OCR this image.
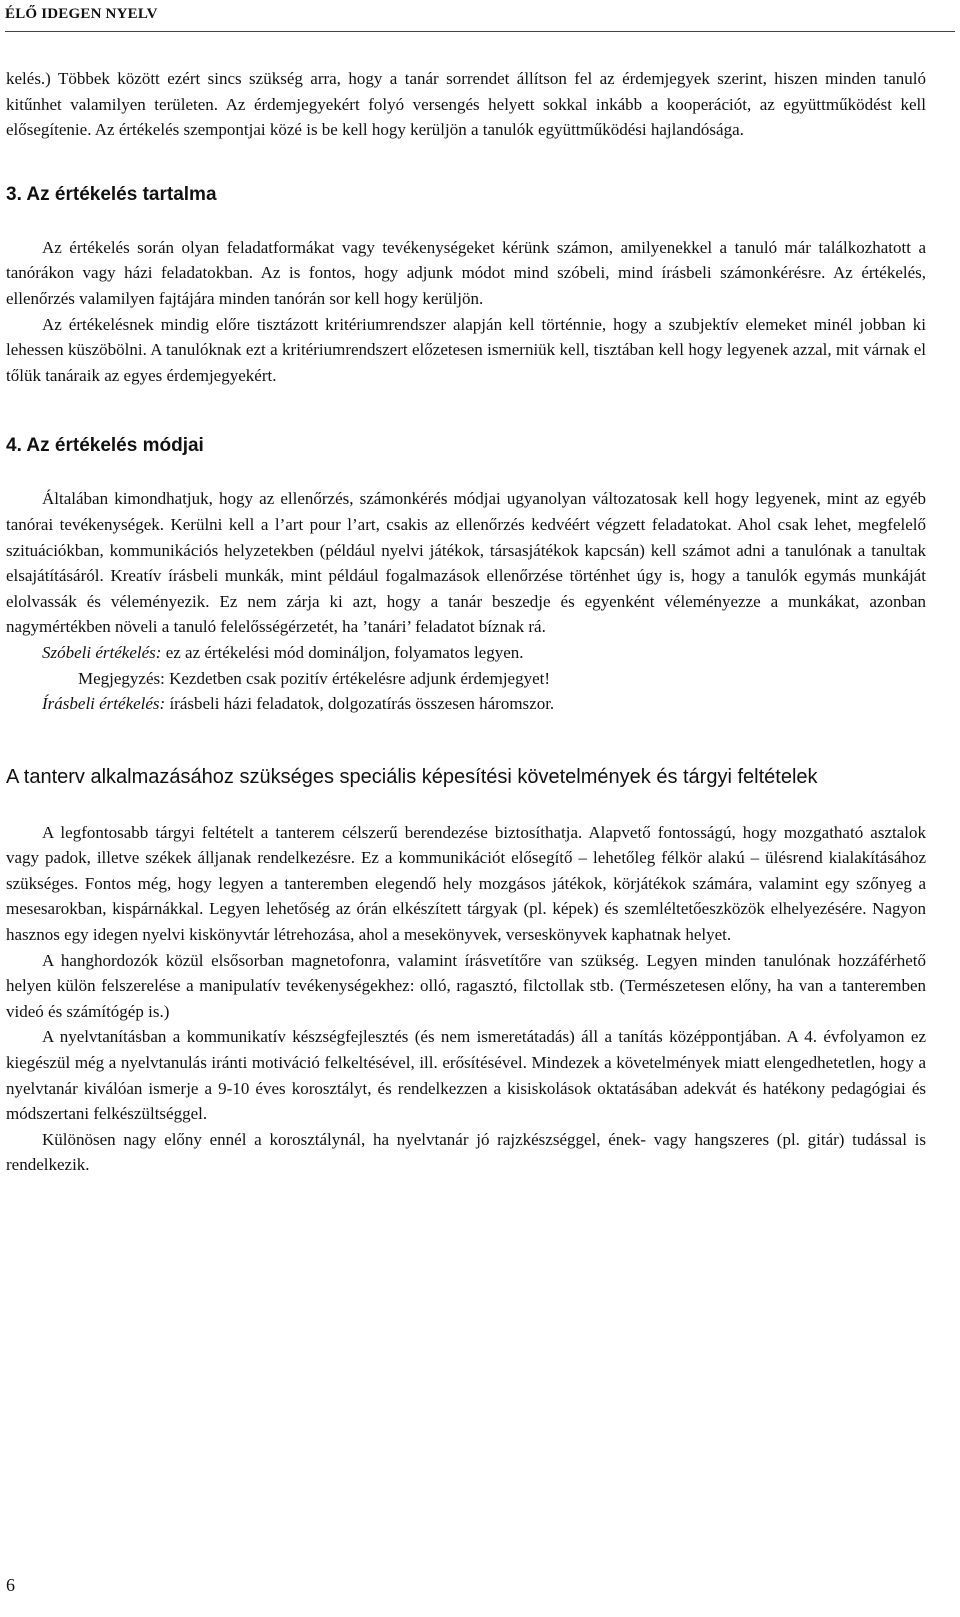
ÉLŐ IDEGEN NYELV

kelés.) Többek között ezért sincs szükség arra, hogy a tanár sorrendet állítson fel az érdemjegyek szerint, hiszen minden tanuló kitűnhet valamilyen területen. Az érdemjegyekért folyó versengés helyett sokkal inkább a kooperációt, az együttműködést kell elősegítenie. Az értékelés szempontjai közé is be kell hogy kerüljön a tanulók együttműködési hajlandósága.

3. Az értékelés tartalma

Az értékelés során olyan feladatformákat vagy tevékenységeket kérünk számon, amilyenekkel a tanuló már találkozhatott a tanórákon vagy házi feladatokban. Az is fontos, hogy adjunk módot mind szóbeli, mind írásbeli számonkérésre. Az értékelés, ellenőrzés valamilyen fajtájára minden tanórán sor kell hogy kerüljön.

Az értékelésnek mindig előre tisztázott kritériumrendszer alapján kell történnie, hogy a szubjektív elemeket minél jobban ki lehessen küszöbölni. A tanulóknak ezt a kritériumrendszert előzetesen ismerniük kell, tisztában kell hogy legyenek azzal, mit várnak el tőlük tanáraik az egyes érdemjegyekért.

4. Az értékelés módjai

Általában kimondhatjuk, hogy az ellenőrzés, számonkérés módjai ugyanolyan változatosak kell hogy legyenek, mint az egyéb tanórai tevékenységek. Kerülni kell a l’art pour l’art, csakis az ellenőrzés kedvéért végzett feladatokat. Ahol csak lehet, megfelelő szituációkban, kommunikációs helyzetekben (például nyelvi játékok, társasjátékok kapcsán) kell számot adni a tanulónak a tanultak elsajátításáról. Kreatív írásbeli munkák, mint például fogalmazások ellenőrzése történhet úgy is, hogy a tanulók egymás munkáját elolvassák és véleményezik. Ez nem zárja ki azt, hogy a tanár beszedje és egyenként véleményezze a munkákat, azonban nagymértékben növeli a tanuló felelősségérzetét, ha ’tanári’ feladatot bíznak rá.

Szóbeli értékelés: ez az értékelési mód domináljon, folyamatos legyen.

Megjegyzés: Kezdetben csak pozitív értékelésre adjunk érdemjegyet!

Írásbeli értékelés: írásbeli házi feladatok, dolgozatírás összesen háromszor.

A tanterv alkalmazásához szükséges speciális képesítési követelmények és tárgyi feltételek

A legfontosabb tárgyi feltételt a tanterem célszerű berendezése biztosíthatja. Alapvető fontosságú, hogy mozgatható asztalok vagy padok, illetve székek álljanak rendelkezésre. Ez a kommunikációt elősegítő – lehetőleg félkör alakú – ülésrend kialakításához szükséges. Fontos még, hogy legyen a tanteremben elegendő hely mozgásos játékok, körjátékok számára, valamint egy szőnyeg a mesesarokban, kispárnákkal. Legyen lehetőség az órán elkészített tárgyak (pl. képek) és szemléltetőeszközök elhelyezésére. Nagyon hasznos egy idegen nyelvi kiskönyvtár létrehozása, ahol a mesekönyvek, verseskönyvek kaphatnak helyet.

A hanghordozók közül elsősorban magnetofonra, valamint írásvetítőre van szükség. Legyen minden tanulónak hozzáférhető helyen külön felszerelése a manipulatív tevékenységekhez: olló, ragasztó, filctollak stb. (Természetesen előny, ha van a tanteremben videó és számítógép is.)

A nyelvtanításban a kommunikatív készségfejlesztés (és nem ismeretátadás) áll a tanítás középpontjában. A 4. évfolyamon ez kiegészül még a nyelvtanulás iránti motiváció felkeltésével, ill. erősítésével. Mindezek a követelmények miatt elengedhetetlen, hogy a nyelvtanár kiválóan ismerje a 9-10 éves korosztályt, és rendelkezzen a kisiskolások oktatásában adekvát és hatékony pedagógiai és módszertani felkészültséggel.

Különösen nagy előny ennél a korosztálynál, ha nyelvtanár jó rajzkészséggel, ének- vagy hangszeres (pl. gitár) tudással is rendelkezik.

6
